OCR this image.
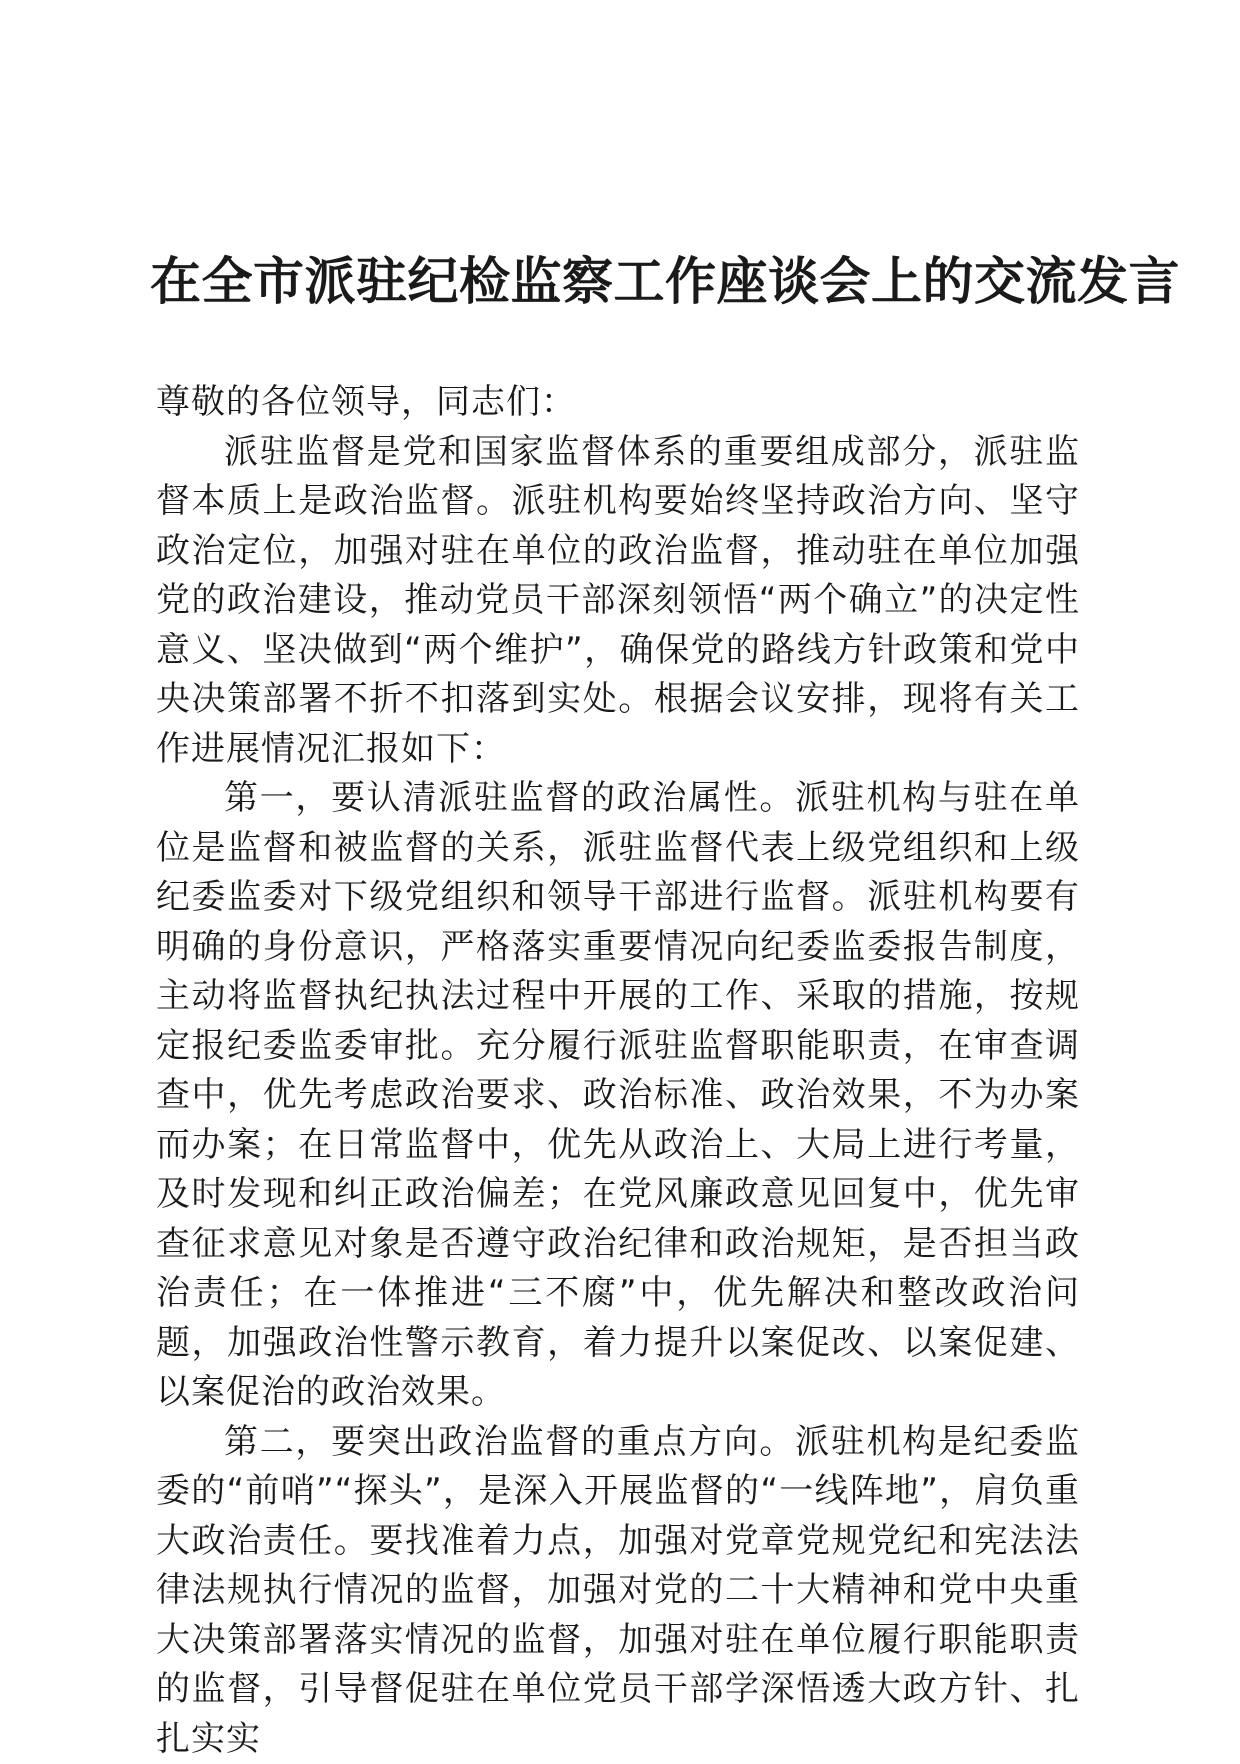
在全市派驻纪检监察工作座谈会上的交流发言

尊敬的各位领导，同志们：

派驻监督是党和国家监督体系的重要组成部分，派驻监督本质上是政治监督。派驻机构要始终坚持政治方向、坚守政治定位，加强对驻在单位的政治监督，推动驻在单位加强党的政治建设，推动党员干部深刻领悟“两个确立”的决定性意义、坚决做到“两个维护”，确保党的路线方针政策和党中央决策部署不折不扣落到实处。根据会议安排，现将有关工作进展情况汇报如下：

第一，要认清派驻监督的政治属性。派驻机构与驻在单位是监督和被监督的关系，派驻监督代表上级党组织和上级纪委监委对下级党组织和领导干部进行监督。派驻机构要有明确的身份意识，严格落实重要情况向纪委监委报告制度，主动将监督执纪执法过程中开展的工作、采取的措施，按规定报纪委监委审批。充分履行派驻监督职能职责，在审查调查中，优先考虑政治要求、政治标准、政治效果，不为办案而办案；在日常监督中，优先从政治上、大局上进行考量，及时发现和纠正政治偏差；在党风廉政意见回复中，优先审查征求意见对象是否遵守政治纪律和政治规矩，是否担当政治责任；在一体推进“三不腐”中，优先解决和整改政治问题，加强政治性警示教育，着力提升以案促改、以案促建、以案促治的政治效果。

第二，要突出政治监督的重点方向。派驻机构是纪委监委的“前哨”“探头”，是深入开展监督的“一线阵地”，肩负重大政治责任。要找准着力点，加强对党章党规党纪和宪法法律法规执行情况的监督，加强对党的二十大精神和党中央重大决策部署落实情况的监督，加强对驻在单位履行职能职责的监督，引导督促驻在单位党员干部学深悟透大政方针、扎扎实实
